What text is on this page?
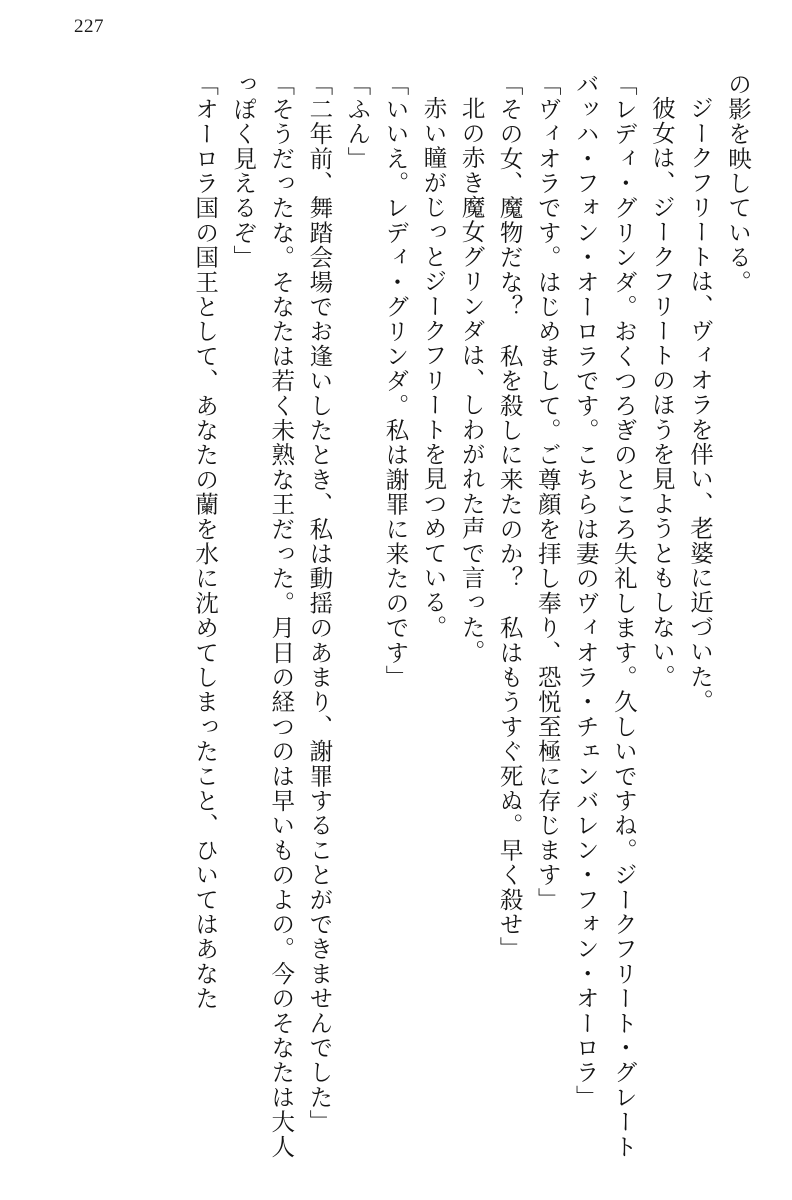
227

の影を映している。

ジークフリートは、ヴィオラを伴い、老婆に近づいた。

彼女は、ジークフリートのほうを見ようともしない。

「レディ・グリンダ。おくつろぎのところ失礼します。久しいですね。ジークフリート・グレートバッハ・フォン・オーロラです。こちらは妻のヴィオラ・チェンバレン・フォン・オーロラ」

「ヴィオラです。はじめまして。ご尊顔を拝し奉り、恐悦至極に存じます」

「その女、魔物だな？　私を殺しに来たのか？　私はもうすぐ死ぬ。早く殺せ」

北の赤き魔女グリンダは、しわがれた声で言った。

赤い瞳がじっとジークフリートを見つめている。

「いいえ。レディ・グリンダ。私は謝罪に来たのです」

「ふん」

「二年前、舞踏会場でお逢いしたとき、私は動揺のあまり、謝罪することができませんでした」

「そうだったな。そなたは若く未熟な王だった。月日の経つのは早いものよの。今のそなたは大人っぽく見えるぞ」

「オーロラ国の国王として、あなたの蘭を水に沈めてしまったこと、ひいてはあなた
